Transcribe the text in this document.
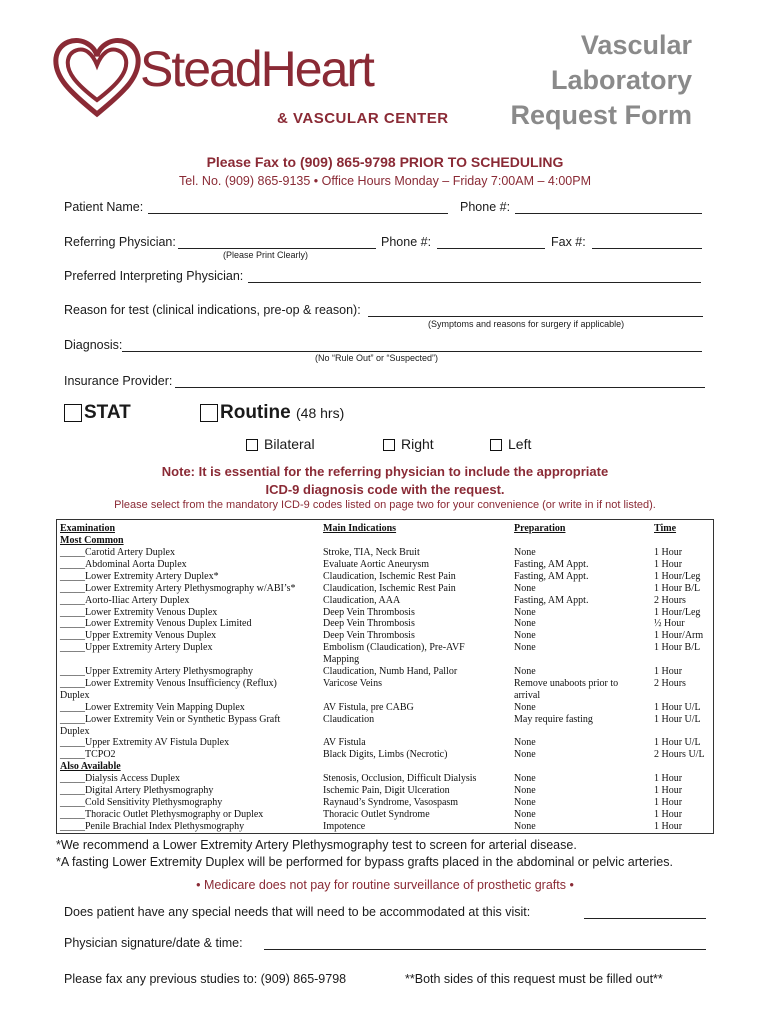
SteadHeart
& VASCULAR CENTER
Vascular
Laboratory
Request Form
Please Fax to (909) 865-9798 PRIOR TO SCHEDULING
Tel. No. (909) 865-9135 • Office Hours Monday – Friday 7:00AM – 4:00PM
Patient Name:	Phone #:
Referring Physician:	Phone #:	Fax #:
(Please Print Clearly)
Preferred Interpreting Physician:
Reason for test (clinical indications, pre-op & reason):
(Symptoms and reasons for surgery if applicable)
Diagnosis:
(No “Rule Out” or “Suspected”)
Insurance Provider:
STAT	Routine (48 hrs)
Bilateral	Right	Left
Note: It is essential for the referring physician to include the appropriate
ICD-9 diagnosis code with the request.
Please select from the mandatory ICD-9 codes listed on page two for your convenience (or write in if not listed).
Examination	Main Indications	Preparation	Time
Most Common
_____Carotid Artery Duplex	Stroke, TIA, Neck Bruit	None	1 Hour
_____Abdominal Aorta Duplex	Evaluate Aortic Aneurysm	Fasting, AM Appt.	1 Hour
_____Lower Extremity Artery Duplex*	Claudication, Ischemic Rest Pain	Fasting, AM Appt.	1 Hour/Leg
_____Lower Extremity Artery Plethysmography w/ABI’s*	Claudication, Ischemic Rest Pain	None	1 Hour B/L
_____Aorto-Iliac Artery Duplex	Claudication, AAA	Fasting, AM Appt.	2 Hours
_____Lower Extremity Venous Duplex	Deep Vein Thrombosis	None	1 Hour/Leg
_____Lower Extremity Venous Duplex Limited	Deep Vein Thrombosis	None	½ Hour
_____Upper Extremity Venous Duplex	Deep Vein Thrombosis	None	1 Hour/Arm
_____Upper Extremity Artery Duplex	Embolism (Claudication), Pre-AVF	None	1 Hour B/L
Mapping
_____Upper Extremity Artery Plethysmography	Claudication, Numb Hand, Pallor	None	1 Hour
_____Lower Extremity Venous Insufficiency (Reflux)	Varicose Veins	Remove unaboots prior to	2 Hours
Duplex	arrival
_____Lower Extremity Vein Mapping Duplex	AV Fistula, pre CABG	None	1 Hour U/L
_____Lower Extremity Vein or Synthetic Bypass Graft	Claudication	May require fasting	1 Hour U/L
Duplex
_____Upper Extremity AV Fistula Duplex	AV Fistula	None	1 Hour U/L
_____TCPO2	Black Digits, Limbs (Necrotic)	None	2 Hours U/L
Also Available
_____Dialysis Access Duplex	Stenosis, Occlusion, Difficult Dialysis	None	1 Hour
_____Digital Artery Plethysmography	Ischemic Pain, Digit Ulceration	None	1 Hour
_____Cold Sensitivity Plethysmography	Raynaud’s Syndrome, Vasospasm	None	1 Hour
_____Thoracic Outlet Plethysmography or Duplex	Thoracic Outlet Syndrome	None	1 Hour
_____Penile Brachial Index Plethysmography	Impotence	None	1 Hour
*We recommend a Lower Extremity Artery Plethysmography test to screen for arterial disease.
*A fasting Lower Extremity Duplex will be performed for bypass grafts placed in the abdominal or pelvic arteries.
• Medicare does not pay for routine surveillance of prosthetic grafts •
Does patient have any special needs that will need to be accommodated at this visit:
Physician signature/date & time:
Please fax any previous studies to: (909) 865-9798	**Both sides of this request must be filled out**
